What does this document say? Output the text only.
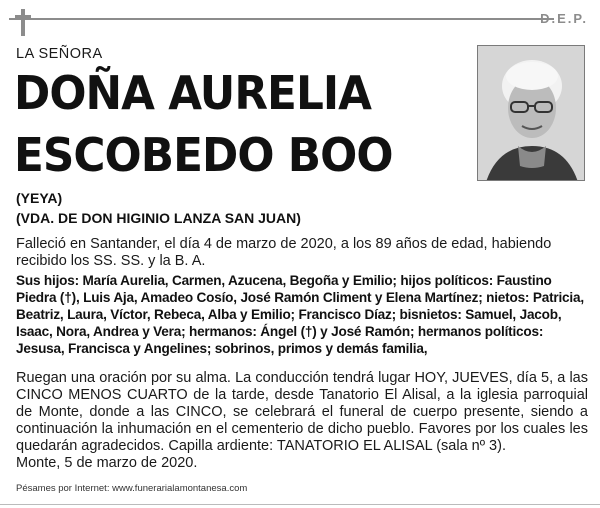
D.E.P.
LA SEÑORA
DOÑA AURELIA
ESCOBEDO BOO
(YEYA)
(VDA. DE DON HIGINIO LANZA SAN JUAN)
Falleció en Santander, el día 4 de marzo de 2020, a los 89 años de edad, habiendo recibido los SS. SS. y la B. A.
Sus hijos: María Aurelia, Carmen, Azucena, Begoña y Emilio; hijos políticos: Faustino Piedra (†), Luis Aja, Amadeo Cosío, José Ramón Climent y Elena Martínez; nietos: Patricia, Beatriz, Laura, Víctor, Rebeca, Alba y Emilio; Francisco Díaz; bisnietos: Samuel, Jacob, Isaac, Nora, Andrea y Vera; hermanos: Ángel (†) y José Ramón; hermanos políticos: Jesusa, Francisca y Angelines; sobrinos, primos y demás familia,
Ruegan una oración por su alma. La conducción tendrá lugar HOY, JUEVES, día 5, a las CINCO MENOS CUARTO de la tarde, desde Tanatorio El Alisal, a la iglesia parroquial de Monte, donde a las CINCO, se celebrará el funeral de cuerpo presente, siendo a continuación la inhumación en el cementerio de dicho pueblo. Favores por los cuales les quedarán agradecidos. Capilla ardiente: TANATORIO EL ALISAL (sala nº 3).
Monte, 5 de marzo de 2020.
Pésames por Internet: www.funerarialamontanesa.com
